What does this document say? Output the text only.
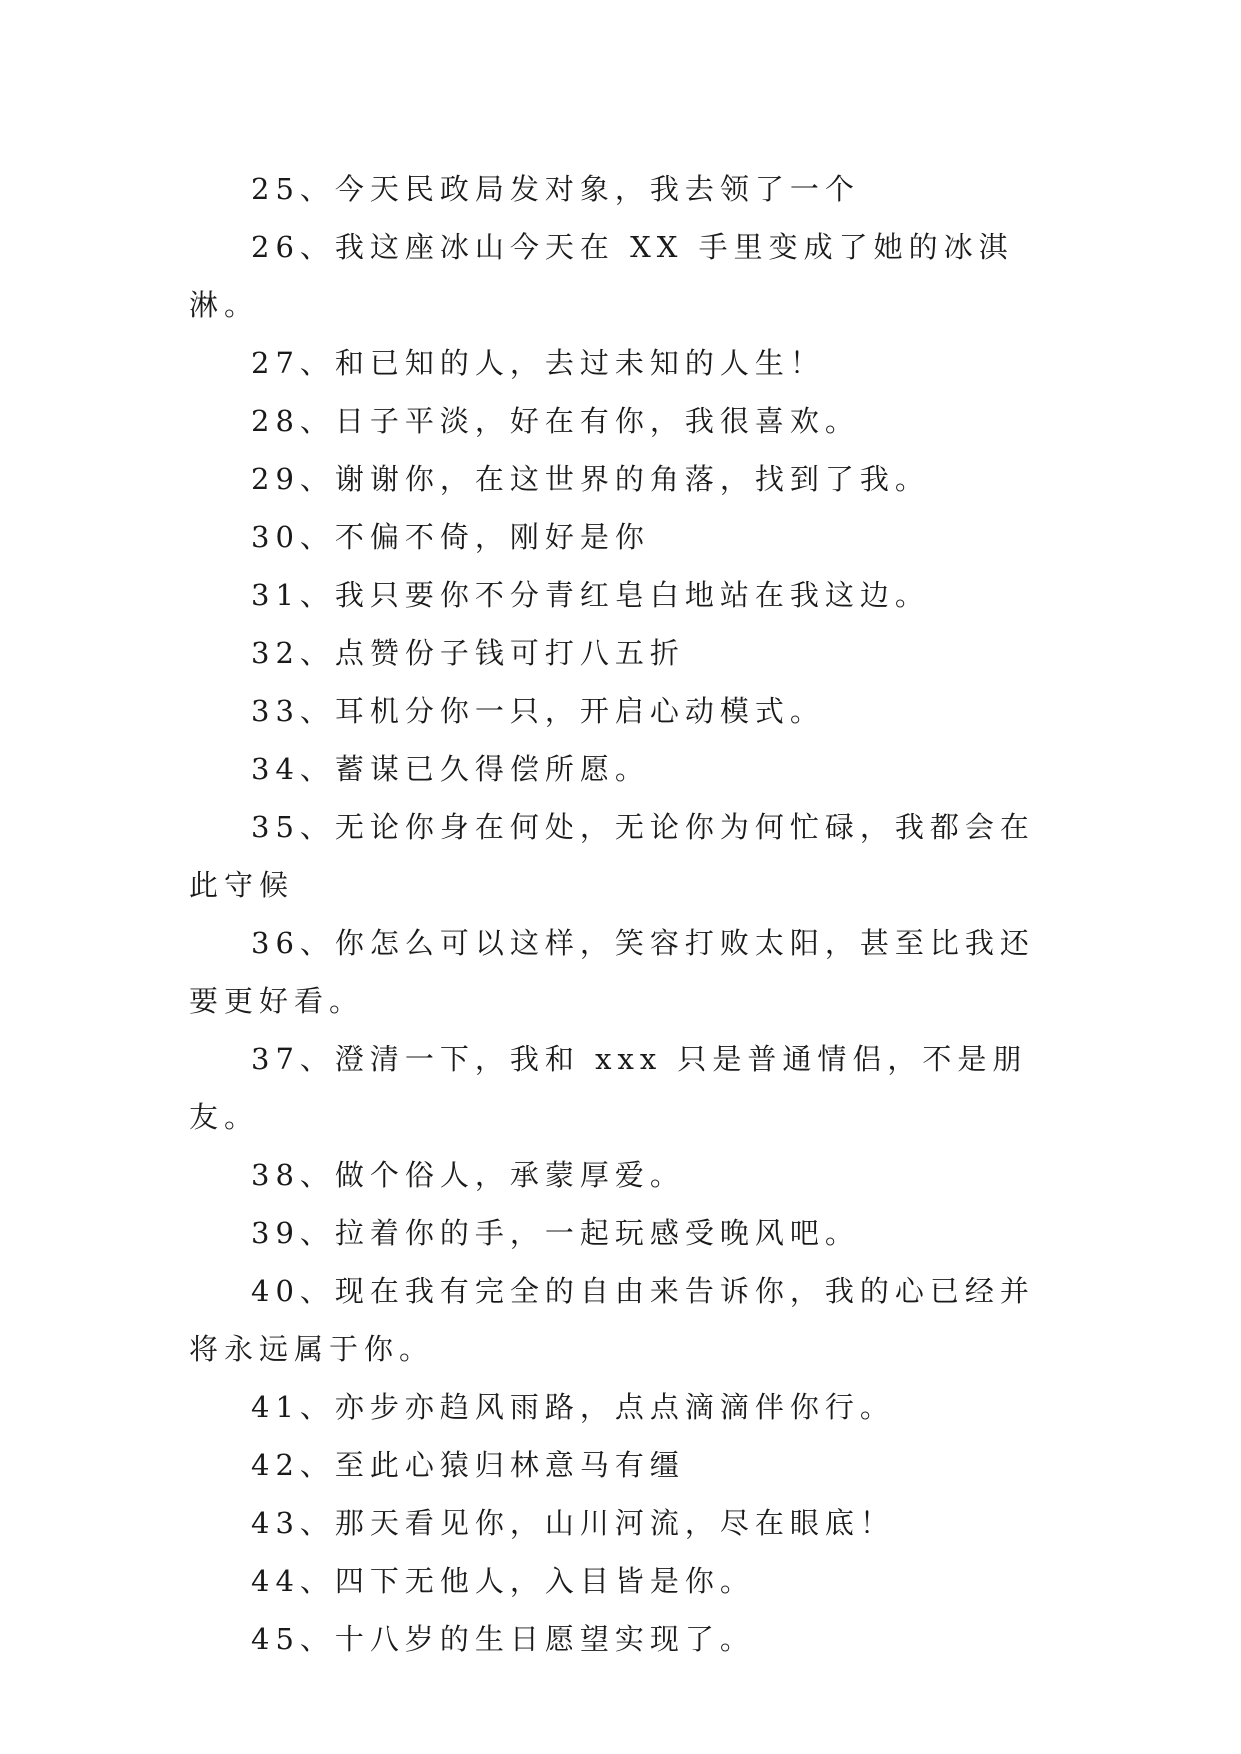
25、今天民政局发对象，我去领了一个

26、我这座冰山今天在 XX 手里变成了她的冰淇淋。

27、和已知的人，去过未知的人生！

28、日子平淡，好在有你，我很喜欢。

29、谢谢你，在这世界的角落，找到了我。

30、不偏不倚，刚好是你

31、我只要你不分青红皂白地站在我这边。

32、点赞份子钱可打八五折

33、耳机分你一只，开启心动模式。

34、蓄谋已久得偿所愿。

35、无论你身在何处，无论你为何忙碌，我都会在此守候

36、你怎么可以这样，笑容打败太阳，甚至比我还要更好看。

37、澄清一下，我和 xxx 只是普通情侣，不是朋友。

38、做个俗人，承蒙厚爱。

39、拉着你的手，一起玩感受晚风吧。

40、现在我有完全的自由来告诉你，我的心已经并将永远属于你。

41、亦步亦趋风雨路，点点滴滴伴你行。

42、至此心猿归林意马有缰

43、那天看见你，山川河流，尽在眼底！

44、四下无他人，入目皆是你。

45、十八岁的生日愿望实现了。
